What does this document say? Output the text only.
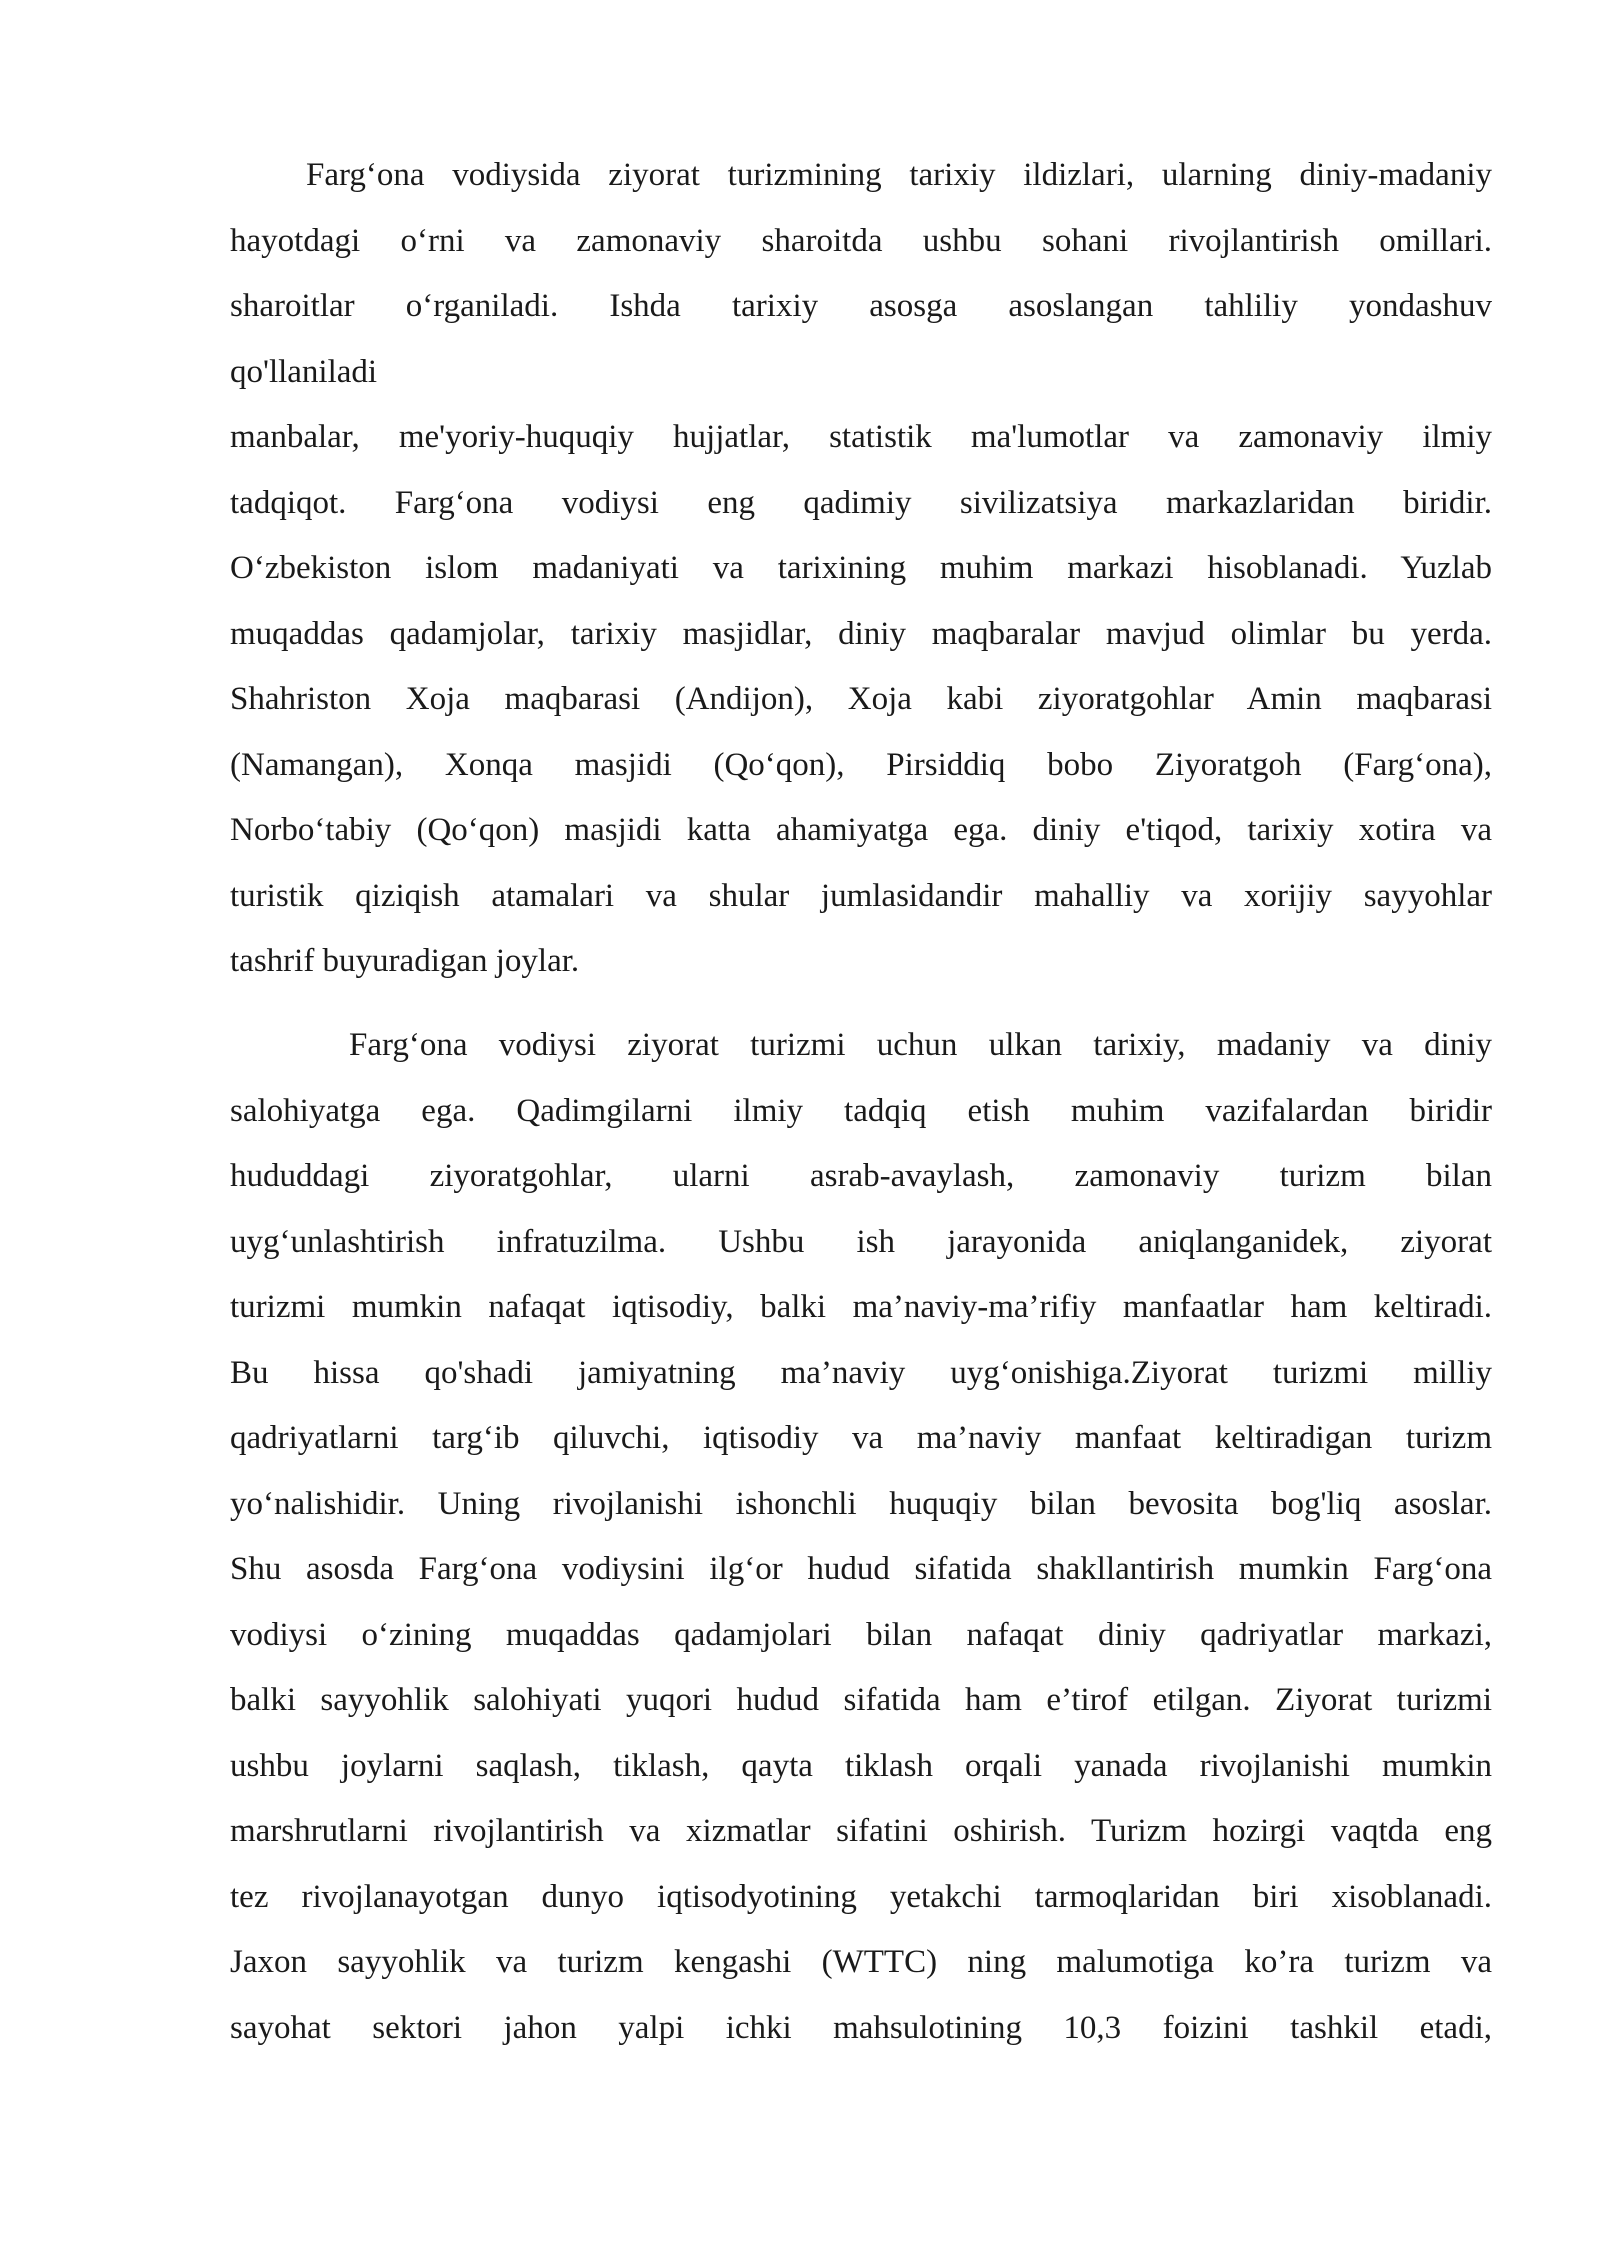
Farg‘ona vodiysida ziyorat turizmining tarixiy ildizlari, ularning diniy-madaniy
hayotdagi o‘rni va zamonaviy sharoitda ushbu sohani rivojlantirish omillari.
sharoitlar o‘rganiladi. Ishda tarixiy asosga asoslangan tahliliy yondashuv
qo'llaniladi
manbalar, me'yoriy-huquqiy hujjatlar, statistik ma'lumotlar va zamonaviy ilmiy
tadqiqot. Farg‘ona vodiysi eng qadimiy sivilizatsiya markazlaridan biridir.
O‘zbekiston islom madaniyati va tarixining muhim markazi hisoblanadi. Yuzlab
muqaddas qadamjolar, tarixiy masjidlar, diniy maqbaralar mavjud olimlar bu yerda.
Shahriston Xoja maqbarasi (Andijon), Xoja kabi ziyoratgohlar Amin maqbarasi
(Namangan), Xonqa masjidi (Qo‘qon), Pirsiddiq bobo Ziyoratgoh (Farg‘ona),
Norbo‘tabiy (Qo‘qon) masjidi katta ahamiyatga ega. diniy e'tiqod, tarixiy xotira va
turistik qiziqish atamalari va shular jumlasidandir mahalliy va xorijiy sayyohlar
tashrif buyuradigan joylar.
Farg‘ona vodiysi ziyorat turizmi uchun ulkan tarixiy, madaniy va diniy
salohiyatga ega. Qadimgilarni ilmiy tadqiq etish muhim vazifalardan biridir
hududdagi ziyoratgohlar, ularni asrab-avaylash, zamonaviy turizm bilan
uyg‘unlashtirish infratuzilma. Ushbu ish jarayonida aniqlanganidek, ziyorat
turizmi mumkin nafaqat iqtisodiy, balki ma’naviy-ma’rifiy manfaatlar ham keltiradi.
Bu hissa qo'shadi jamiyatning ma’naviy uyg‘onishiga.Ziyorat turizmi milliy
qadriyatlarni targ‘ib qiluvchi, iqtisodiy va ma’naviy manfaat keltiradigan turizm
yo‘nalishidir. Uning rivojlanishi ishonchli huquqiy bilan bevosita bog'liq asoslar.
Shu asosda Farg‘ona vodiysini ilg‘or hudud sifatida shakllantirish mumkin Farg‘ona
vodiysi o‘zining muqaddas qadamjolari bilan nafaqat diniy qadriyatlar markazi,
balki sayyohlik salohiyati yuqori hudud sifatida ham e’tirof etilgan. Ziyorat turizmi
ushbu joylarni saqlash, tiklash, qayta tiklash orqali yanada rivojlanishi mumkin
marshrutlarni rivojlantirish va xizmatlar sifatini oshirish. Turizm hozirgi vaqtda eng
tez rivojlanayotgan dunyo iqtisodyotining yetakchi tarmoqlaridan biri xisoblanadi.
Jaxon sayyohlik va turizm kengashi (WTTC) ning malumotiga ko’ra turizm va
sayohat sektori jahon yalpi ichki mahsulotining 10,3 foizini tashkil etadi,
